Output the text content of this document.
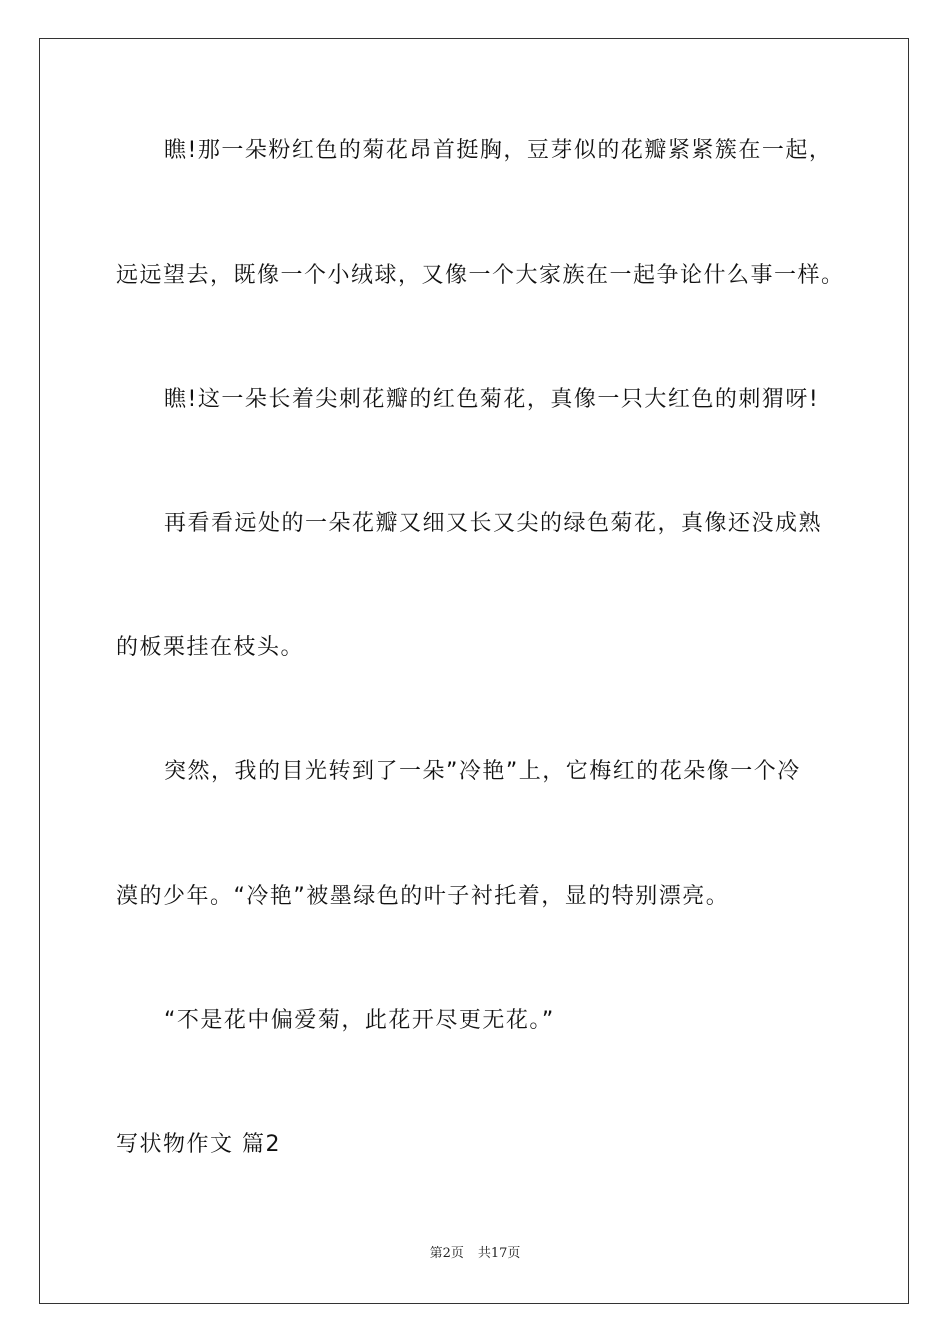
瞧!那一朵粉红色的菊花昂首挺胸，豆芽似的花瓣紧紧簇在一起，
远远望去，既像一个小绒球，又像一个大家族在一起争论什么事一样。
瞧!这一朵长着尖刺花瓣的红色菊花，真像一只大红色的刺猬呀!
再看看远处的一朵花瓣又细又长又尖的绿色菊花，真像还没成熟
的板栗挂在枝头。
突然，我的目光转到了一朵”冷艳”上，它梅红的花朵像一个冷
漠的少年。“冷艳”被墨绿色的叶子衬托着，显的特别漂亮。
“不是花中偏爱菊，此花开尽更无花。”
写状物作文 篇2
第2页 共17页
